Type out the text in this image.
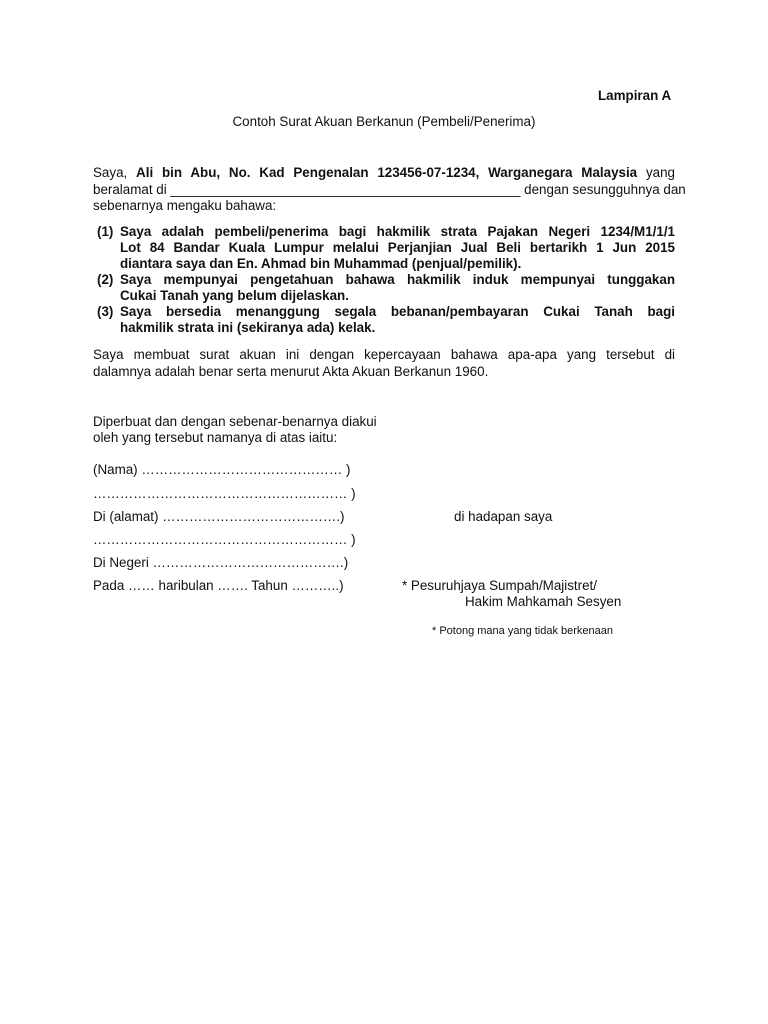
Lampiran A
Contoh Surat Akuan Berkanun (Pembeli/Penerima)
Saya, Ali bin Abu, No. Kad Pengenalan 123456-07-1234, Warganegara Malaysia yang
beralamat di _______________________________________________ dengan sesungguhnya dan
sebenarnya mengaku bahawa:
(1) Saya adalah pembeli/penerima bagi hakmilik strata Pajakan Negeri 1234/M1/1/1
Lot 84 Bandar Kuala Lumpur melalui Perjanjian Jual Beli bertarikh 1 Jun 2015
diantara saya dan En. Ahmad bin Muhammad (penjual/pemilik).
(2) Saya mempunyai pengetahuan bahawa hakmilik induk mempunyai tunggakan
Cukai Tanah yang belum dijelaskan.
(3) Saya bersedia menanggung segala bebanan/pembayaran Cukai Tanah bagi
hakmilik strata ini (sekiranya ada) kelak.
Saya membuat surat akuan ini dengan kepercayaan bahawa apa-apa yang tersebut di
dalamnya adalah benar serta menurut Akta Akuan Berkanun 1960.
Diperbuat dan dengan sebenar-benarnya diakui
oleh yang tersebut namanya di atas iaitu:
(Nama) ……………………………………… )
………………………………………………… )
Di (alamat) ………………………………….)
………………………………………………… )
Di Negeri …………………………………….)
Pada …… haribulan ……. Tahun ………..)
di hadapan saya
* Pesuruhjaya Sumpah/Majistret/
Hakim Mahkamah Sesyen
* Potong mana yang tidak berkenaan
